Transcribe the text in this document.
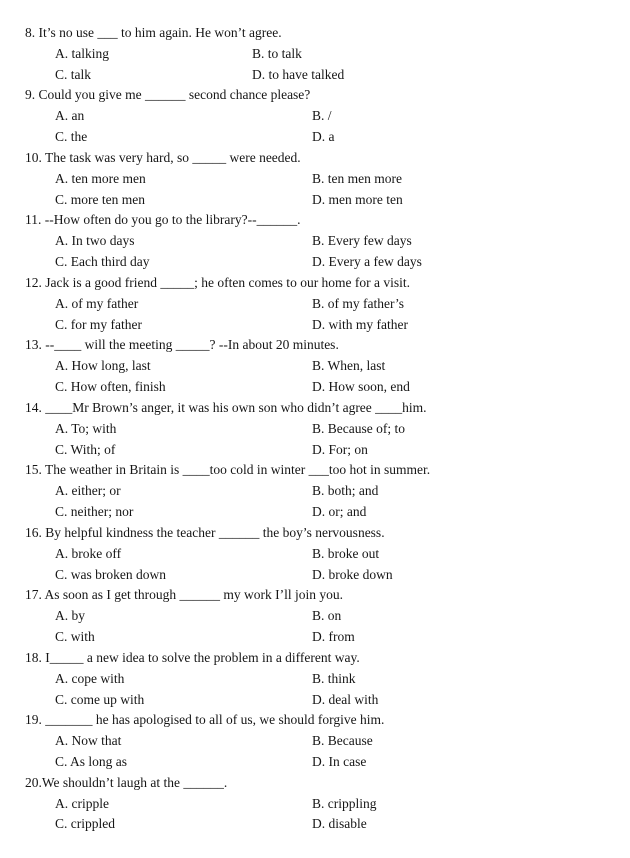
8. It’s no use ___ to him again. He won’t agree.
A. talking	B. to talk
C. talk	D. to have talked
9. Could you give me ______ second chance please?
A. an	B. /
C. the	D. a
10. The task was very hard, so _____ were needed.
A. ten more men	B. ten men more
C. more ten men	D. men more ten
11. --How often do you go to the library?--______.
A. In two days	B. Every few days
C. Each third day	D. Every a few days
12. Jack is a good friend _____; he often comes to our home for a visit.
A. of my father	B. of my father’s
C. for my father	D. with my father
13. --____ will the meeting _____? --In about 20 minutes.
A. How long, last	B. When, last
C. How often, finish	D. How soon, end
14. ____Mr Brown’s anger, it was his own son who didn’t agree ____him.
A. To; with	B. Because of; to
C. With; of	D. For; on
15. The weather in Britain is ____too cold in winter ___too hot in summer.
A. either; or	B. both; and
C. neither; nor	D. or; and
16. By helpful kindness the teacher ______ the boy’s nervousness.
A. broke off	B. broke out
C. was broken down	D. broke down
17. As soon as I get through ______ my work I’ll join you.
A. by	B. on
C. with	D. from
18. I_____ a new idea to solve the problem in a different way.
A. cope with	B. think
C. come up with	D. deal with
19. _______ he has apologised to all of us, we should forgive him.
A. Now that	B. Because
C. As long as	D. In case
20.We shouldn’t laugh at the ______.
A. cripple	B. crippling
C. crippled	D. disable
